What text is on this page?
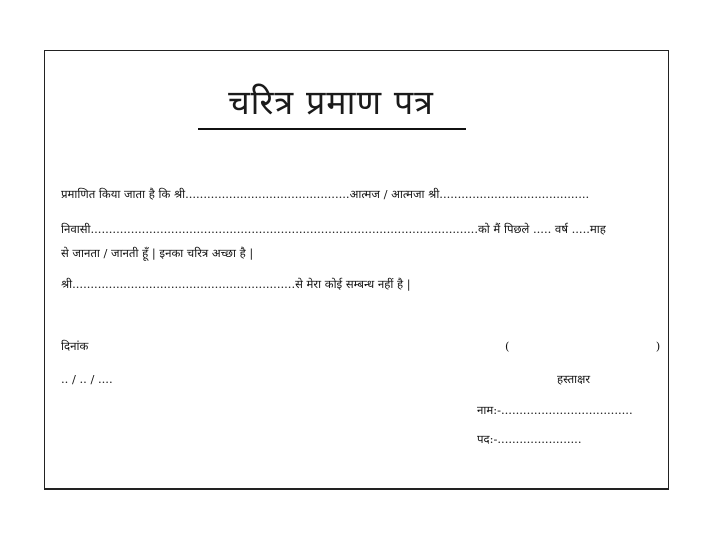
चरित्र प्रमाण पत्र
प्रमाणित किया जाता है कि श्री.............................................आत्मज / आत्मजा श्री.........................................
निवासी..........................................................................................................को मैं पिछले ..... वर्ष .....माह
से जानता / जानती हूँ | इनका चरित्र अच्छा है |
श्री.............................................................से मेरा कोई सम्बन्ध नहीं है |
दिनांक
.. / .. / ....
(                                        )
हस्ताक्षर
नाम:-....................................
पद:-.......................
